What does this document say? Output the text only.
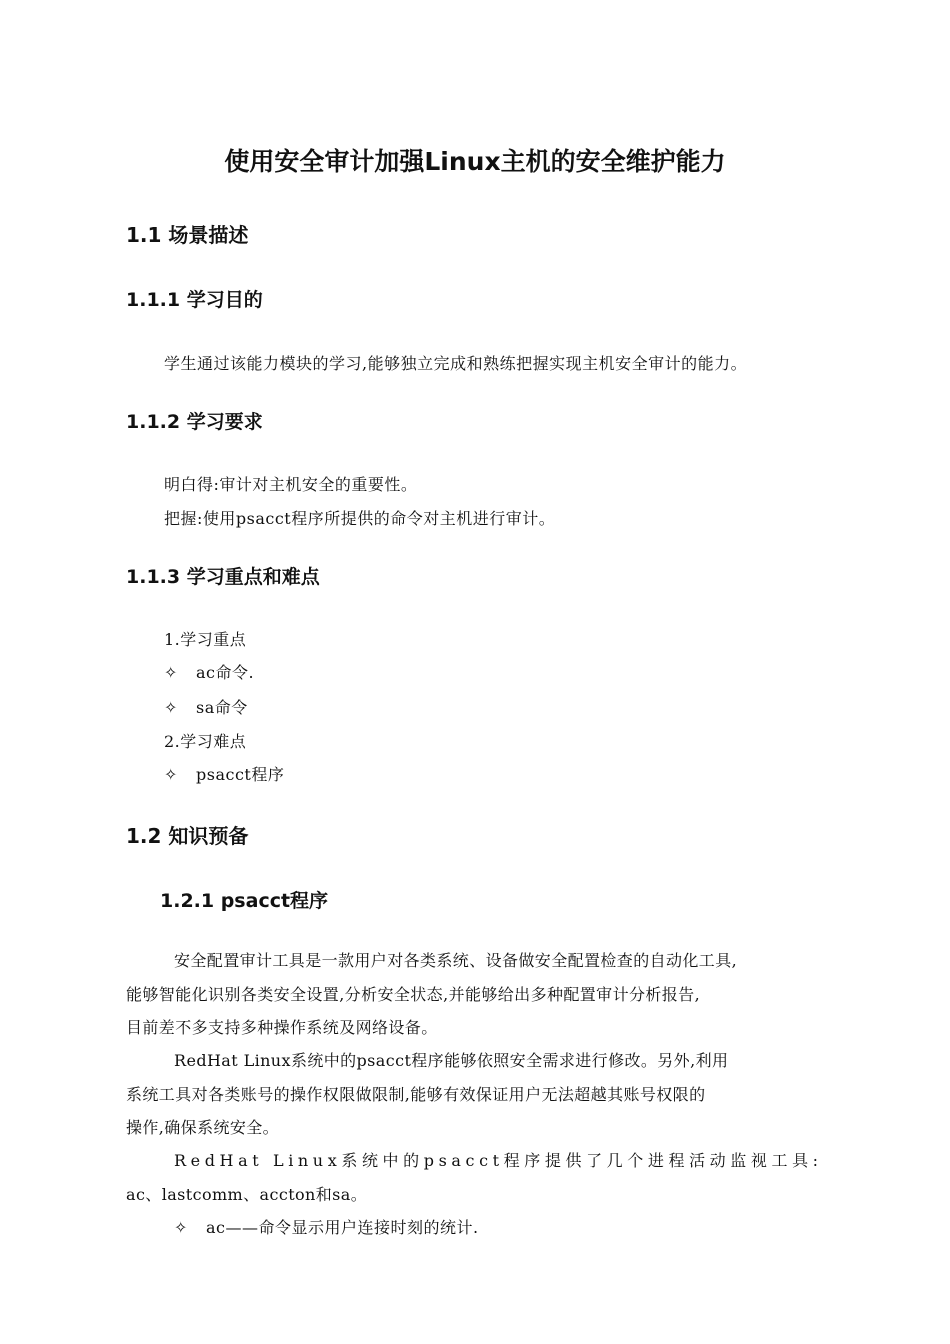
使用安全审计加强Linux主机的安全维护能力
1.1 场景描述
1.1.1 学习目的
学生通过该能力模块的学习,能够独立完成和熟练把握实现主机安全审计的能力。
1.1.2 学习要求
明白得:审计对主机安全的重要性。
把握:使用psacct程序所提供的命令对主机进行审计。
1.1.3 学习重点和难点
1.学习重点
✧ ac命令.
✧ sa命令
2.学习难点
✧ psacct程序
1.2 知识预备
1.2.1 psacct程序
安全配置审计工具是一款用户对各类系统、设备做安全配置检查的自动化工具,
能够智能化识别各类安全设置,分析安全状态,并能够给出多种配置审计分析报告,
目前差不多支持多种操作系统及网络设备。
RedHat Linux系统中的psacct程序能够依照安全需求进行修改。另外,利用
系统工具对各类账号的操作权限做限制,能够有效保证用户无法超越其账号权限的
操作,确保系统安全。
RedHat Linux系统中的psacct程序提供了几个进程活动监视工具:
ac、lastcomm、accton和sa。
✧ ac——命令显示用户连接时刻的统计.
